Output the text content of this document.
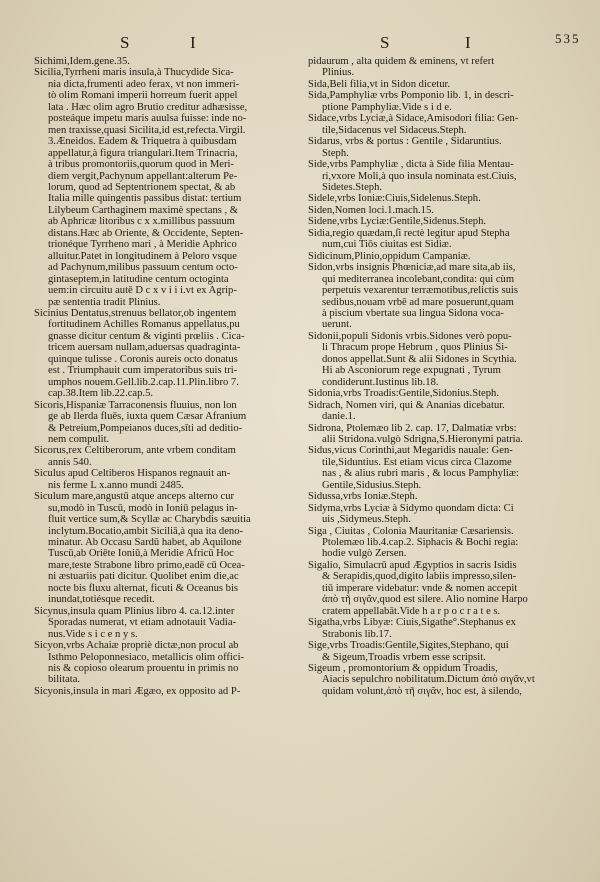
S	I	S	I	535
Sichimi,Idem.gene.35.
Sicilia,Tyrrheni maris insula,à Thucydide Sica-
nia dicta,frumenti adeo ferax, vt non immeri-
tò olim Romani imperii horreum fuerit appel
lata . Hæc olim agro Brutio creditur adhæsisse,
posteáque impetu maris auulsa fuisse: inde no-
men traxisse,quasi Sicilita,id est,refecta.Virgil.
3.Æneidos. Eadem & Triquetra à quibusdam
appellatur,à figura triangulari.Item Trinacria,
à tribus promontoriis,quorum quod in Meri-
diem vergit,Pachynum appellant:alterum Pe-
lorum, quod ad Septentrionem spectat, & ab
Italia mille quingentis passibus distat: tertium
Lilybeum Carthaginem maximè spectans , &
ab Aphricæ litoribus c x x.millibus passuum
distans.Hæc ab Oriente, & Occidente, Septen-
trionéque Tyrrheno mari , à Meridie Aphrico
alluitur.Patet in longitudinem à Peloro vsque
ad Pachynum,milibus passuum centum octo-
gintaseptem,in latitudine centum octoginta
uem:in circuitu autē D c x v i i i.vt ex Agrip-
pæ sententia tradit Plinius.
Sicinius Dentatus,strenuus bellator,ob ingentem
fortitudinem Achilles Romanus appellatus,pu
gnasse dicitur centum & viginti prœliis . Cica-
tricem auersam nullam,aduersas quadraginta-
quinque tulisse . Coronis aureis octo donatus
est . Triumphauit cum imperatoribus suis tri-
umphos nouem.Gell.lib.2.cap.11.Plin.libro 7.
cap.38.Item lib.22.cap.5.
Sicoris,Hispaniæ Tarraconensis fluuius, non lon
ge ab Ilerda fluēs, iuxta quem Cæsar Afranium
& Petreium,Pompeianos duces,sīti ad deditio-
nem compulit.
Sicorus,rex Celtiberorum, ante vrbem conditam
annis 540.
Siculus apud Celtiberos Hispanos regnauit an-
nis ferme L x.anno mundi 2485.
Siculum mare,angustū atque anceps alterno cur
su,modò in Tuscū, modò in Ioniū pelagus in-
fluit vertice sum,& Scyllæ ac Charybdis sæuitia
inclytum.Bocatio,ambit Siciliā,à qua ita deno-
minatur. Ab Occasu Sardū habet, ab Aquilone
Tuscū,ab Oriēte Ioniū,à Meridie Africū Hoc
mare,teste Strabone libro primo,eadē cū Ocea-
ni æstuariis pati dicitur. Quolibet enim die,ac
nocte bis fluxu alternat, ficuti & Oceanus bis
inundat,totiésque recedit.
Sicynus,insula quam Plinius libro 4. ca.12.inter
Sporadas numerat, vt etiam adnotauit Vadia-
nus.Vide s i c e n y s.
Sicyon,vrbs Achaiæ propriè dictæ,non procul ab
Isthmo Peloponnesiaco, metallicis olim offici-
nis & copioso olearum prouentu in primis no
bilitata.
Sicyonis,insula in mari Ægæo, ex opposito ad P-
pidaurum , alta quidem & eminens, vt refert
Plinius.
Sida,Beli filia,vt in Sidon dicetur.
Sida,Pamphyliæ vrbs Pomponio lib. 1, in descri-
ptione Pamphyliæ.Vide s i d e.
Sidace,vrbs Lyciæ,à Sidace,Amisodori filia: Gen-
tile,Sidacenus vel Sidaceus.Steph.
Sidarus, vrbs & portus : Gentile , Sidaruntius.
Steph.
Side,vrbs Pamphyliæ , dicta à Side filia Mentau-
ri,vxore Moli,à quo insula nominata est.Ciuis,
Sidetes.Steph.
Sidele,vrbs Ioniæ:Ciuis,Sidelenus.Steph.
Siden,Nomen loci.1.mach.15.
Sidene,vrbs Lyciæ:Gentile,Sidenus.Steph.
Sidia,regio quædam,ſi rectè legitur apud Stepha
num,cui Tiōs ciuitas est Sidiæ.
Sidicinum,Plinio,oppidum Campaniæ.
Sidon,vrbs insignis Phœniciæ,ad mare sita,ab iis,
qui mediterranea incolebant,condita: qui cùm
perpetuis vexarentur terræmotibus,relictis suis
sedibus,nouam vrbē ad mare posuerunt,quam
à piscium vbertate sua lingua Sidona voca-
uerunt.
Sidonii,populi Sidonis vrbis.Sidones verò popu-
li Thracum prope Hebrum , quos Plinius Si-
donos appellat.Sunt & alii Sidones in Scythia.
Hi ab Asconiorum rege expugnati , Tyrum
condiderunt.Iustinus lib.18.
Sidonia,vrbs Troadis:Gentile,Sidonius.Steph.
Sidrach, Nomen viri, qui & Ananias dicebatur.
danie.1.
Sidrona, Ptolemæo lib 2. cap. 17, Dalmatiæ vrbs:
alii Stridona.vulgò Sdrigna,S.Hieronymi patria.
Sidus,vicus Corinthi,aut Megaridis nauale: Gen-
tile,Siduntius. Est etiam vicus circa Clazome
nas , & alius rubri maris , & locus Pamphyliæ:
Gentile,Sidusius.Steph.
Sidussa,vrbs Ioniæ.Steph.
Sidyma,vrbs Lyciæ à Sidymo quondam dicta: Ci
uis ,Sidymeus.Steph.
Siga , Ciuitas , Colonia Mauritaniæ Cæsariensis.
Ptolemæo lib.4.cap.2. Siphacis & Bochi regia:
hodie vulgò Zersen.
Sigalio, Simulacrū apud Ægyptios in sacris Isidis
& Serapidis,quod,digito labiis impresso,silen-
tiū imperare videbatur: vnde & nomen accepit
ἀπὸ τῆ σιγᾶν,quod est silere. Alio nomine Harpo
cratem appellabāt.Vide h a r p o c r a t e s.
Sigatha,vrbs Libyæ: Ciuis,Sigathe°.Stephanus ex
Strabonis lib.17.
Sige,vrbs Troadis:Gentile,Sigites,Stephano, qui
& Sigeum,Troadis vrbem esse scripsit.
Sigeum , promontorium & oppidum Troadis,
Aiacis sepulchro nobilitatum.Dictum ἀπὸ σιγᾶν,vt
quidam volunt,ἀπὸ τῆ σιγᾶν, hoc est, à silendo,
